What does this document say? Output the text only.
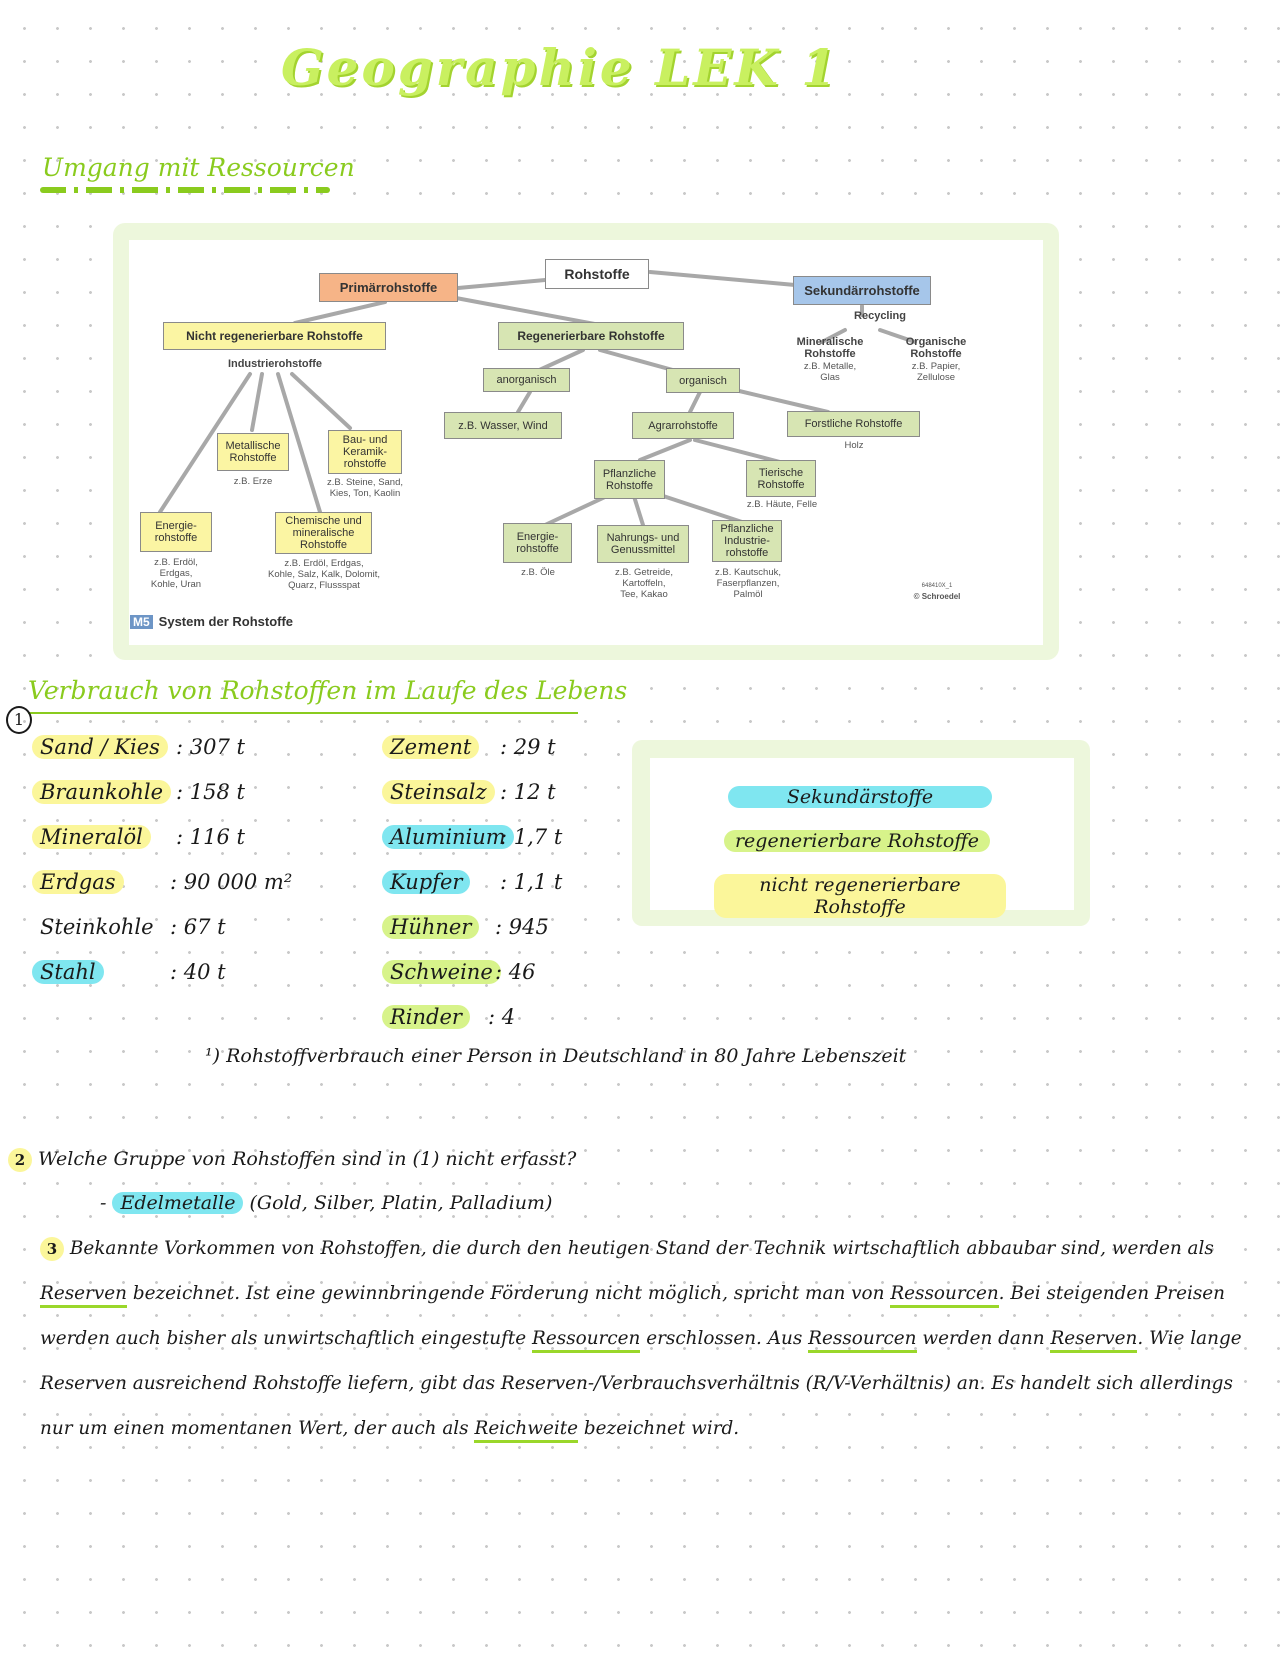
Geographie LEK 1
Umgang mit Ressourcen
Rohstoffe
Primärrohstoffe	Sekundärrohstoffe
Recycling
Mineralische
Rohstoffe
z.B. Metalle,
Glas
Organische
Rohstoffe
z.B. Papier,
Zellulose
Nicht regenerierbare Rohstoffe
Industrierohstoffe
Metallische
Rohstoffe
z.B. Erze
Bau- und
Keramik-
rohstoffe
z.B. Steine, Sand,
Kies, Ton, Kaolin
Energie-
rohstoffe
z.B. Erdöl,
Erdgas,
Kohle, Uran
Chemische und
mineralische
Rohstoffe
z.B. Erdöl, Erdgas,
Kohle, Salz, Kalk, Dolomit,
Quarz, Flussspat
Regenerierbare Rohstoffe
anorganisch	organisch
z.B. Wasser, Wind	Agrarrohstoffe	Forstliche Rohstoffe
Holz
Pflanzliche
Rohstoffe
Tierische
Rohstoffe
z.B. Häute, Felle
Energie-
rohstoffe
z.B. Öle
Nahrungs- und
Genussmittel
z.B. Getreide,
Kartoffeln,
Tee, Kakao
Pflanzliche
Industrie-
rohstoffe
z.B. Kautschuk,
Faserpflanzen,
Palmöl
648410X_1
© Schroedel
M5 System der Rohstoffe
Verbrauch von Rohstoffen im Laufe des Lebens
1
Sand / Kies : 307 t
Braunkohle : 158 t
Mineralöl	: 116 t
Erdgas	: 90 000 m²
Steinkohle : 67 t
Stahl	: 40 t
Zement	: 29 t
Steinsalz : 12 t
Aluminium
: 1,7 t
Kupfer	: 1,1 t
Hühner	: 945
Schweine : 46
Rinder	: 4
Sekundärstoffe
regenerierbare Rohstoffe
nicht regenerierbare Rohstoffe
¹) Rohstoffverbrauch einer Person in Deutschland in 80 Jahre Lebenszeit
2 Welche Gruppe von Rohstoffen sind in (1) nicht erfasst?
- Edelmetalle (Gold, Silber, Platin, Palladium)
3 Bekannte Vorkommen von Rohstoffen, die durch den heutigen Stand der Technik wirtschaftlich abbaubar sind, werden als Reserven bezeichnet. Ist eine gewinnbringende Förderung nicht möglich, spricht man von Ressourcen. Bei steigenden Preisen werden auch bisher als unwirtschaftlich eingestufte Ressourcen erschlossen. Aus Ressourcen werden dann Reserven. Wie lange Reserven ausreichend Rohstoffe liefern, gibt das Reserven-/Verbrauchsverhältnis (R/V-Verhältnis) an. Es handelt sich allerdings nur um einen momentanen Wert, der auch als Reichweite bezeichnet wird.
